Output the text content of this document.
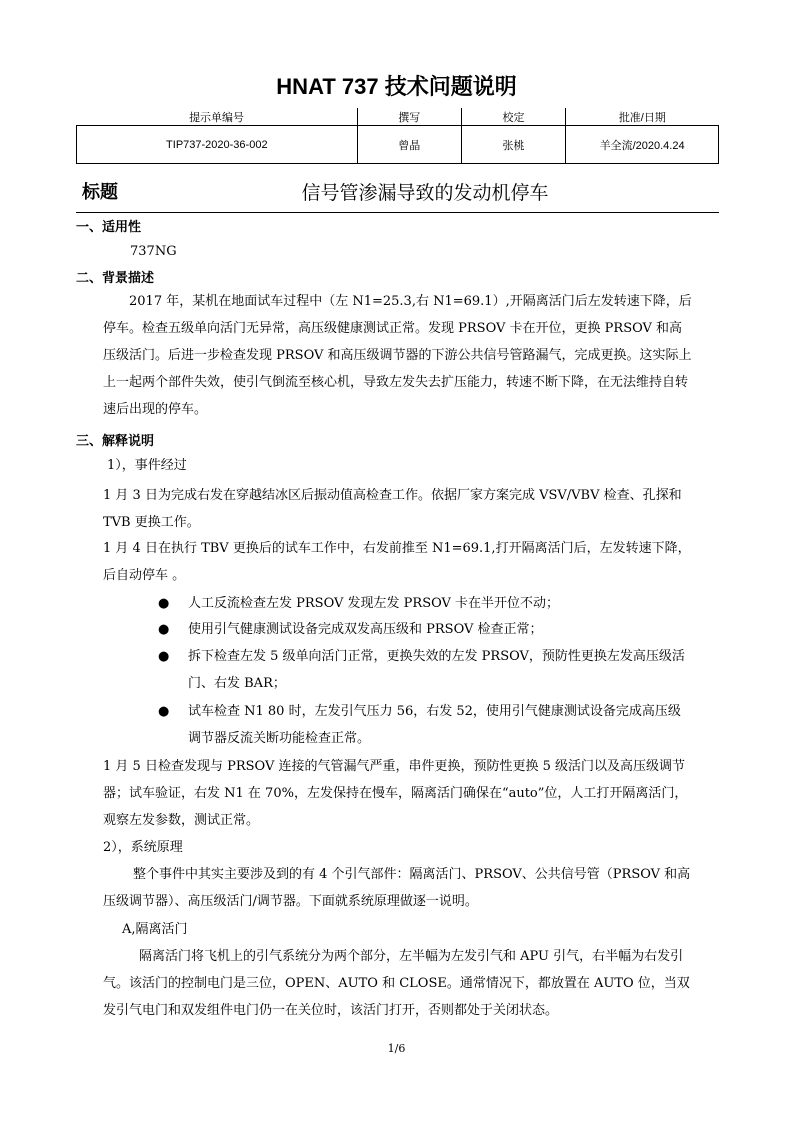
HNAT 737 技术问题说明
提示单编号	撰写	校定	批准/日期
TIP737-2020-36-002	曾晶	张桃	羊全流/2020.4.24
标题	信号管渗漏导致的发动机停车
一、适用性
737NG
二、背景描述
2017 年，某机在地面试车过程中（左 N1=25.3,右 N1=69.1）,开隔离活门后左发转速下降，后停车。检查五级单向活门无异常，高压级健康测试正常。发现 PRSOV 卡在开位，更换 PRSOV 和高压级活门。后进一步检查发现 PRSOV 和高压级调节器的下游公共信号管路漏气，完成更换。这实际上上一起两个部件失效，使引气倒流至核心机，导致左发失去扩压能力，转速不断下降，在无法维持自转速后出现的停车。
三、解释说明
1），事件经过
1 月 3 日为完成右发在穿越结冰区后振动值高检查工作。依据厂家方案完成 VSV/VBV 检查、孔探和 TVB 更换工作。
1 月 4 日在执行 TBV 更换后的试车工作中，右发前推至 N1=69.1,打开隔离活门后，左发转速下降，后自动停车 。
● 人工反流检查左发 PRSOV 发现左发 PRSOV 卡在半开位不动；
● 使用引气健康测试设备完成双发高压级和 PRSOV 检查正常；
● 拆下检查左发 5 级单向活门正常，更换失效的左发 PRSOV，预防性更换左发高压级活门、右发 BAR；
● 试车检查 N1 80 时，左发引气压力 56，右发 52，使用引气健康测试设备完成高压级调节器反流关断功能检查正常。
1 月 5 日检查发现与 PRSOV 连接的气管漏气严重，串件更换，预防性更换 5 级活门以及高压级调节器；试车验证，右发 N1 在 70%，左发保持在慢车，隔离活门确保在“auto”位，人工打开隔离活门，观察左发参数，测试正常。
2），系统原理
整个事件中其实主要涉及到的有 4 个引气部件：隔离活门、PRSOV、公共信号管（PRSOV 和高压级调节器）、高压级活门/调节器。下面就系统原理做逐一说明。
A,隔离活门
隔离活门将飞机上的引气系统分为两个部分，左半幅为左发引气和 APU 引气，右半幅为右发引气。该活门的控制电门是三位，OPEN、AUTO 和 CLOSE。通常情况下，都放置在 AUTO 位，当双发引气电门和双发组件电门仍一在关位时，该活门打开，否则都处于关闭状态。
1/6
